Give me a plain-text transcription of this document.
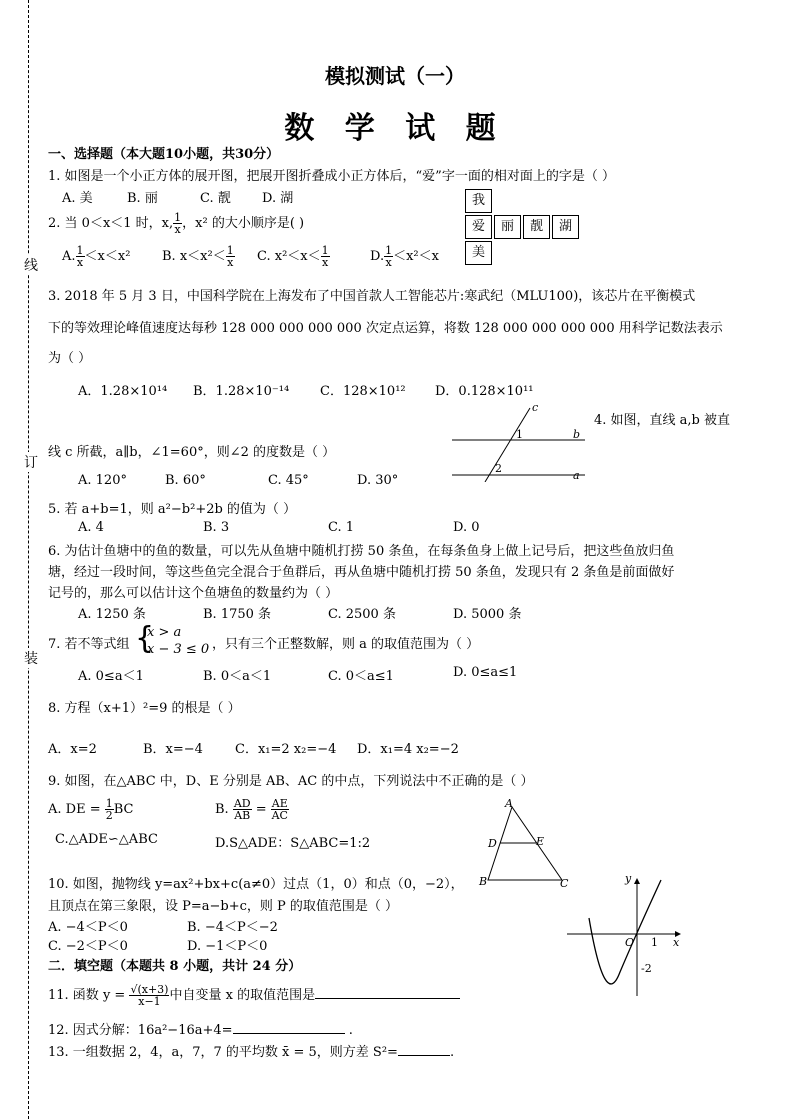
线
订
装
模拟测试（一）
数 学 试 题
一、选择题（本大题10小题，共30分）
1. 如图是一个小正方体的展开图，把展开图折叠成小正方体后，“爱”字一面的相对面上的字是（ ）
A. 美	B. 丽	C. 靓 D. 湖	我
爱	丽	靓	湖
美
2. 当 0＜x＜1 时，x, $\frac{1}{x}$ ，x² 的大小顺序是( )
A. $\frac{1}{x} <x<x^2$ B. $x<x^2< \frac{1}{x} C$. $x^2<x< \frac{1}{x}$	D. $\frac{1}{x} <x^2<x$
3. 2018 年 5 月 3 日，中国科学院在上海发布了中国首款人工智能芯片:寒武纪（MLU100)，该芯片在平衡模式
下的等效理论峰值速度达每秒 128 000 000 000 000 次定点运算，将数 128 000 000 000 000 用科学记数法表示
为（ ）
A．1.28×10¹⁴ B．1.28×10⁻¹⁴ C．128×10¹² D．0.128×10¹¹
c
b
a
1
2
4. 如图，直线 a,b 被直
线 c 所截，a∥b，∠1=60°，则∠2 的度数是（ ）
A. 120°	B. 60°	C. 45°	D. 30°
5. 若 a+b=1，则 a²−b²+2b 的值为（ ）
A. 4	B. 3	C. 1	D. 0
6. 为估计鱼塘中的鱼的数量，可以先从鱼塘中随机打捞 50 条鱼，在每条鱼身上做上记号后，把这些鱼放归鱼
塘，经过一段时间，等这些鱼完全混合于鱼群后，再从鱼塘中随机打捞 50 条鱼，发现只有 2 条鱼是前面做好
记号的，那么可以估计这个鱼塘鱼的数量约为（ ）
A. 1250 条	B. 1750 条	C. 2500 条	D. 5000 条
7. 若不等式组 {
x > a
x − 3 ≤ 0 ，只有三个正整数解，则 a 的取值范围为（ ）
A. 0≤a＜1	B. 0＜a＜1	C. 0＜a≤1	D. 0≤a≤1
8. 方程（x+1）²=9 的根是（ ）
A．x=2	B．x=−4 C．x₁=2 x₂=−4 D．x₁=4 x₂=−2
9. 如图，在△ABC 中，D、E 分别是 AB、AC 的中点，下列说法中不正确的是（ ）
A. DE = $\frac{1}{2}$ BC	B. $\frac{AD}{AB} = \frac{AE}{AC}$
C.△ADE∽△ABC	D.S△ADE：S△ABC=1:2
A
B	C
D	E
10. 如图，抛物线 y=ax²+bx+c(a≠0）过点（1，0）和点（0，−2），
且顶点在第三象限，设 P=a−b+c，则 P 的取值范围是（ ）
A. −4＜P＜0	B. −4＜P＜−2
C. −2＜P＜0	D. −1＜P＜0
y
x
O 1
-2
二．填空题（本题共 8 小题，共计 24 分）
11. 函数 $y = \frac{√(x+3)}{x-1}$ 中自变量 x 的取值范围是
12. 因式分解：16a²−16a+4=	.
13. 一组数据 2，4，a，7，7 的平均数 x̄ = 5，则方差 S²=	.
